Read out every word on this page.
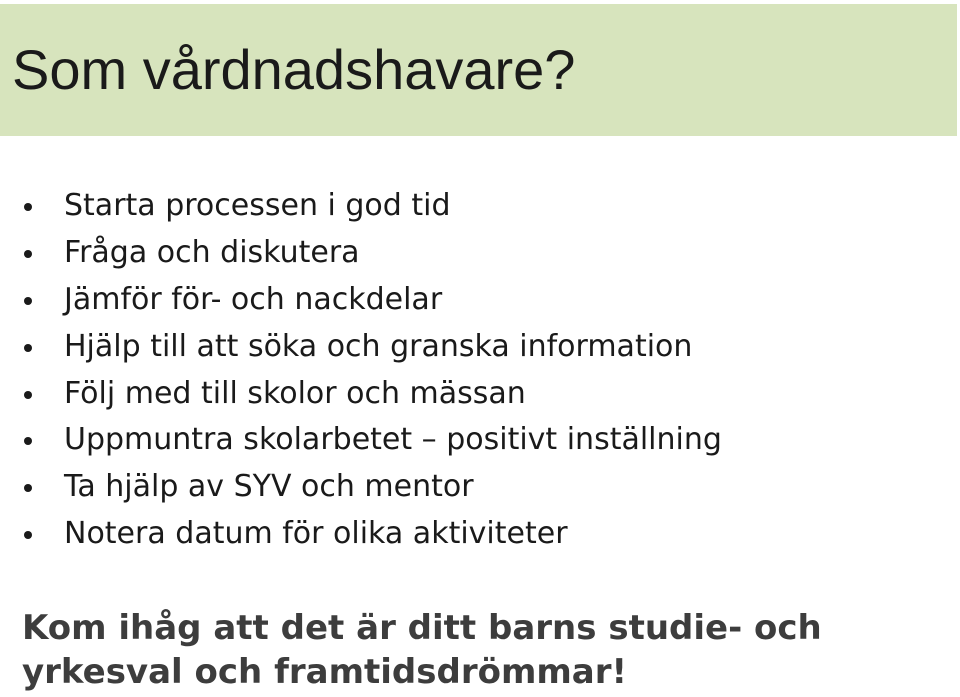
Som vårdnadshavare?
Starta processen i god tid
Fråga och diskutera
Jämför för- och nackdelar
Hjälp till att söka och granska information
Följ med till skolor och mässan
Uppmuntra skolarbetet – positivt inställning
Ta hjälp av SYV och mentor
Notera datum för olika aktiviteter

Kom ihåg att det är ditt barns studie- och
yrkesval och framtidsdrömmar!
